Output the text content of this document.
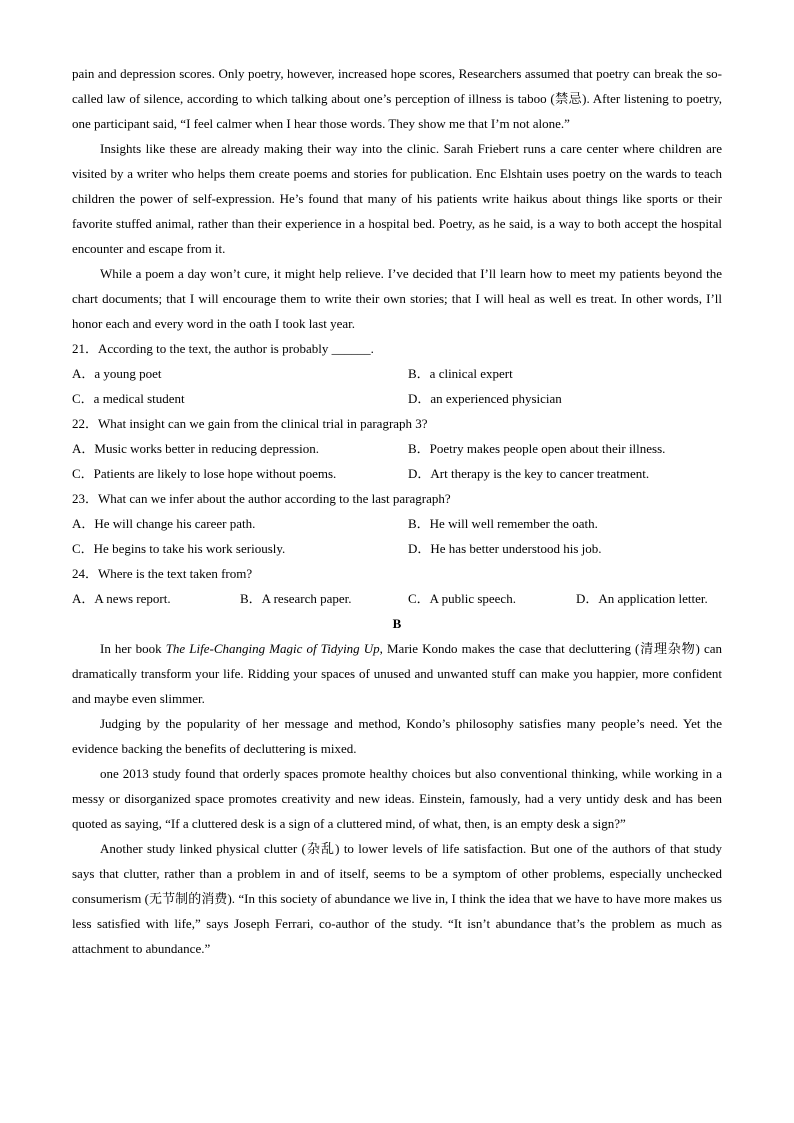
pain and depression scores. Only poetry, however, increased hope scores, Researchers assumed that poetry can break the so-called law of silence, according to which talking about one’s perception of illness is taboo (禁忌). After listening to poetry, one participant said, “I feel calmer when I hear those words. They show me that I’m not alone.”

Insights like these are already making their way into the clinic. Sarah Friebert runs a care center where children are visited by a writer who helps them create poems and stories for publication. Enc Elshtain uses poetry on the wards to teach children the power of self-expression. He’s found that many of his patients write haikus about things like sports or their favorite stuffed animal, rather than their experience in a hospital bed. Poetry, as he said, is a way to both accept the hospital encounter and escape from it.

While a poem a day won’t cure, it might help relieve. I’ve decided that I’ll learn how to meet my patients beyond the chart documents; that I will encourage them to write their own stories; that I will heal as well es treat. In other words, I’ll honor each and every word in the oath I took last year.

21．According to the text, the author is probably ______.

A．a young poet	B．a clinical expert
C．a medical student	D．an experienced physician

22．What insight can we gain from the clinical trial in paragraph 3?

A．Music works better in reducing depression.	B．Poetry makes people open about their illness.
C．Patients are likely to lose hope without poems.	D．Art therapy is the key to cancer treatment.

23．What can we infer about the author according to the last paragraph?

A．He will change his career path.	B．He will well remember the oath.
C．He begins to take his work seriously.	D．He has better understood his job.

24．Where is the text taken from?

A．A news report.	B．A research paper.	C．A public speech.	D．An application letter.

B

In her book The Life-Changing Magic of Tidying Up, Marie Kondo makes the case that decluttering (清理杂物) can dramatically transform your life. Ridding your spaces of unused and unwanted stuff can make you happier, more confident and maybe even slimmer.

Judging by the popularity of her message and method, Kondo’s philosophy satisfies many people’s need. Yet the evidence backing the benefits of decluttering is mixed.

one 2013 study found that orderly spaces promote healthy choices but also conventional thinking, while working in a messy or disorganized space promotes creativity and new ideas. Einstein, famously, had a very untidy desk and has been quoted as saying, “If a cluttered desk is a sign of a cluttered mind, of what, then, is an empty desk a sign?”

Another study linked physical clutter (杂乱) to lower levels of life satisfaction. But one of the authors of that study says that clutter, rather than a problem in and of itself, seems to be a symptom of other problems, especially unchecked consumerism (无节制的消费). “In this society of abundance we live in, I think the idea that we have to have more makes us less satisfied with life,” says Joseph Ferrari, co-author of the study. “It isn’t abundance that’s the problem as much as attachment to abundance.”
